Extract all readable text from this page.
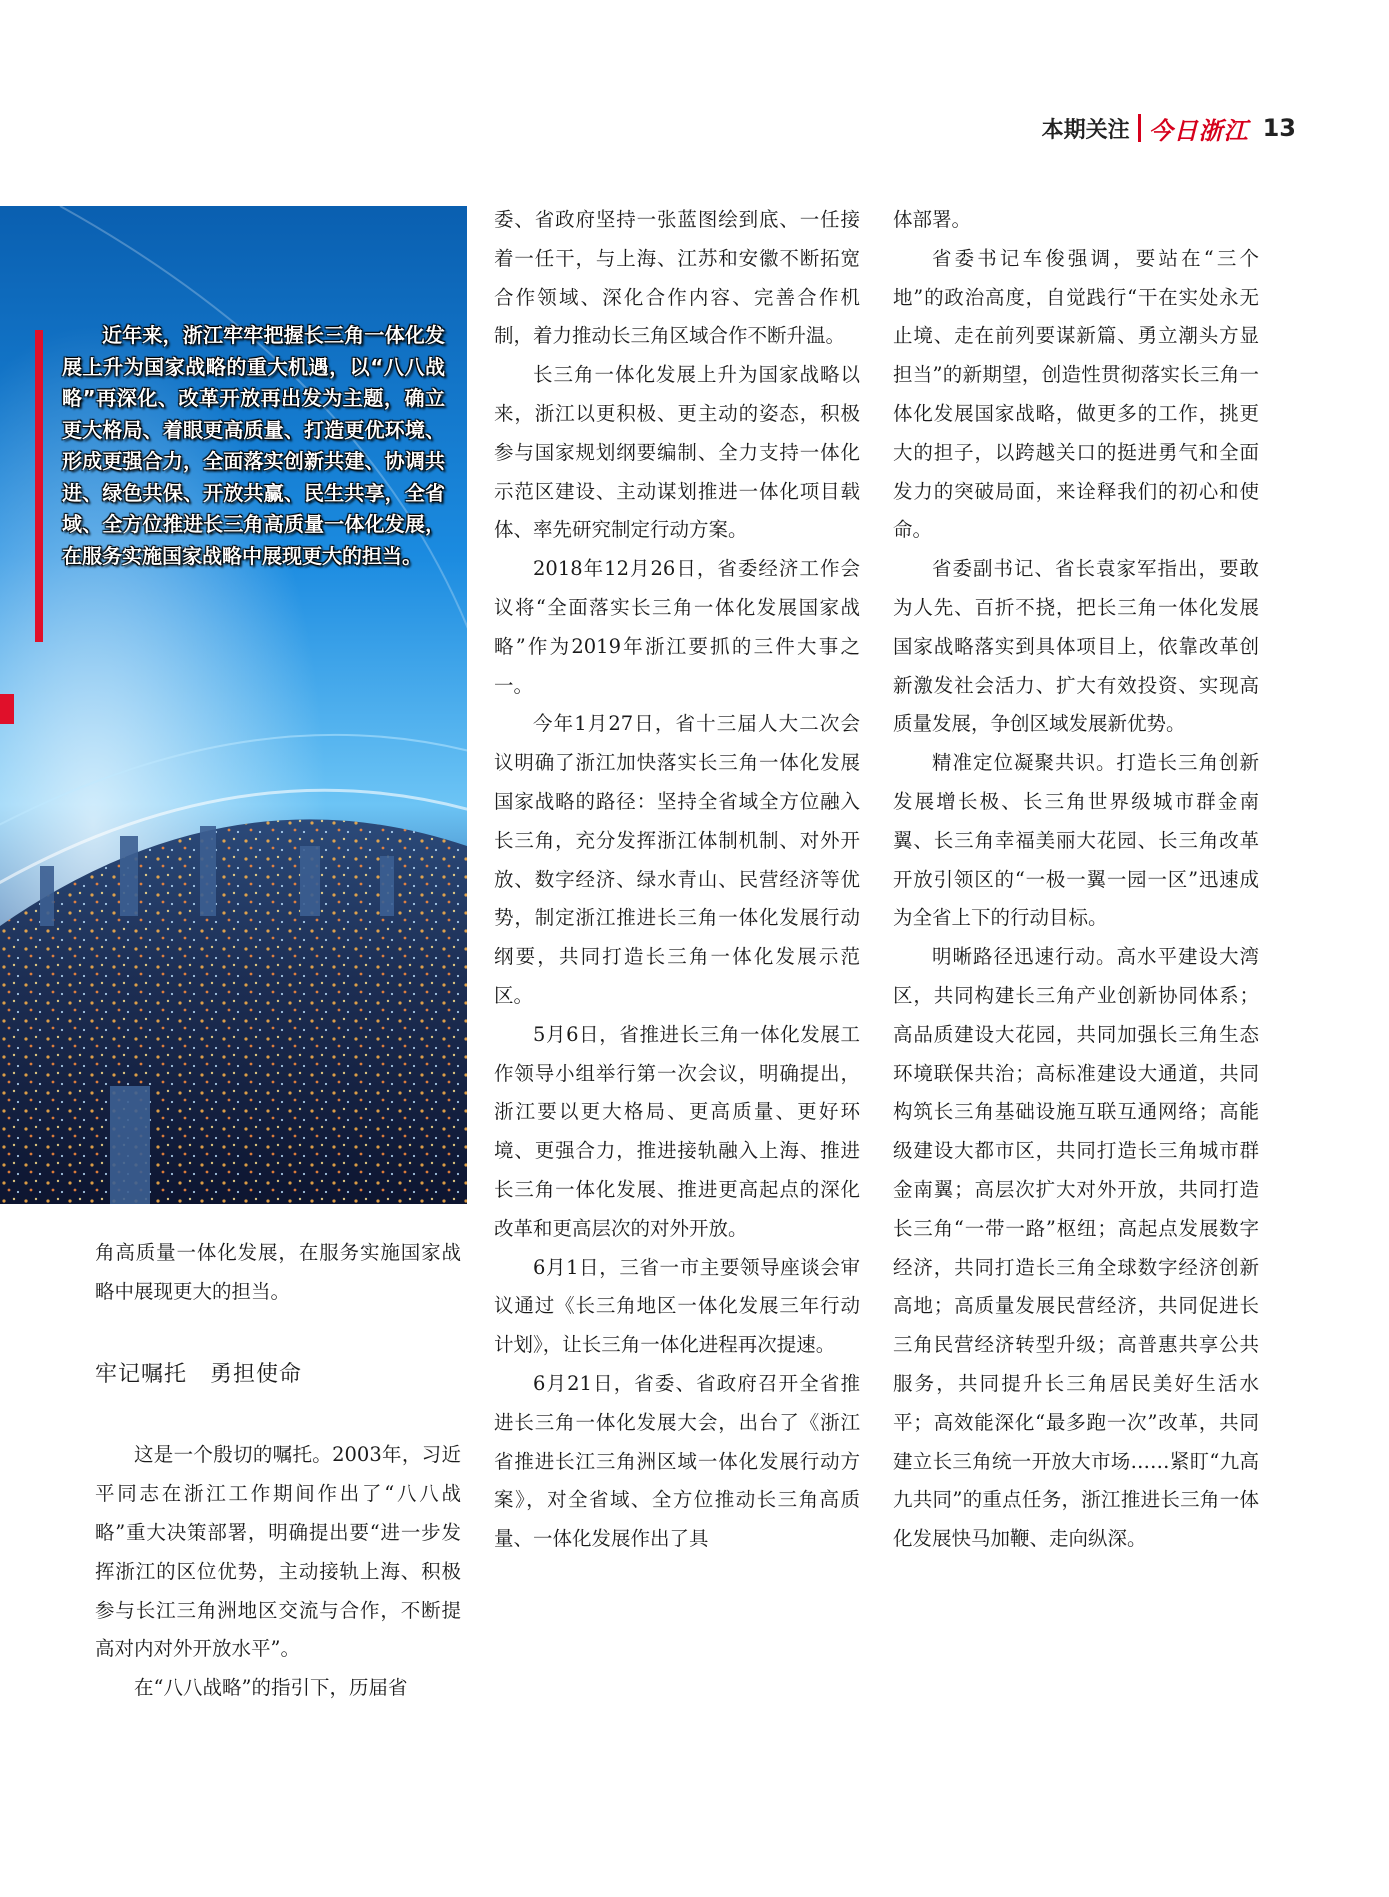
本期关注 今日浙江 13
近年来，浙江牢牢把握长三角一体化发展上升为国家战略的重大机遇，以“八八战略”再深化、改革开放再出发为主题，确立更大格局、着眼更高质量、打造更优环境、形成更强合力，全面落实创新共建、协调共进、绿色共保、开放共赢、民生共享，全省域、全方位推进长三角高质量一体化发展，在服务实施国家战略中展现更大的担当。

角高质量一体化发展，在服务实施国家战略中展现更大的担当。

牢记嘱托　勇担使命

这是一个殷切的嘱托。2003年，习近平同志在浙江工作期间作出了“八八战略”重大决策部署，明确提出要“进一步发挥浙江的区位优势，主动接轨上海、积极参与长江三角洲地区交流与合作，不断提高对内对外开放水平”。

在“八八战略”的指引下，历届省

委、省政府坚持一张蓝图绘到底、一任接着一任干，与上海、江苏和安徽不断拓宽合作领域、深化合作内容、完善合作机制，着力推动长三角区域合作不断升温。

长三角一体化发展上升为国家战略以来，浙江以更积极、更主动的姿态，积极参与国家规划纲要编制、全力支持一体化示范区建设、主动谋划推进一体化项目载体、率先研究制定行动方案。

2018年12月26日，省委经济工作会议将“全面落实长三角一体化发展国家战略”作为2019年浙江要抓的三件大事之一。

今年1月27日，省十三届人大二次会议明确了浙江加快落实长三角一体化发展国家战略的路径：坚持全省域全方位融入长三角，充分发挥浙江体制机制、对外开放、数字经济、绿水青山、民营经济等优势，制定浙江推进长三角一体化发展行动纲要，共同打造长三角一体化发展示范区。

5月6日，省推进长三角一体化发展工作领导小组举行第一次会议，明确提出，浙江要以更大格局、更高质量、更好环境、更强合力，推进接轨融入上海、推进长三角一体化发展、推进更高起点的深化改革和更高层次的对外开放。

6月1日，三省一市主要领导座谈会审议通过《长三角地区一体化发展三年行动计划》，让长三角一体化进程再次提速。

6月21日，省委、省政府召开全省推进长三角一体化发展大会，出台了《浙江省推进长江三角洲区域一体化发展行动方案》，对全省域、全方位推动长三角高质量、一体化发展作出了具

体部署。

省委书记车俊强调，要站在“三个地”的政治高度，自觉践行“干在实处永无止境、走在前列要谋新篇、勇立潮头方显担当”的新期望，创造性贯彻落实长三角一体化发展国家战略，做更多的工作，挑更大的担子，以跨越关口的挺进勇气和全面发力的突破局面，来诠释我们的初心和使命。

省委副书记、省长袁家军指出，要敢为人先、百折不挠，把长三角一体化发展国家战略落实到具体项目上，依靠改革创新激发社会活力、扩大有效投资、实现高质量发展，争创区域发展新优势。

精准定位凝聚共识。打造长三角创新发展增长极、长三角世界级城市群金南翼、长三角幸福美丽大花园、长三角改革开放引领区的“一极一翼一园一区”迅速成为全省上下的行动目标。

明晰路径迅速行动。高水平建设大湾区，共同构建长三角产业创新协同体系；高品质建设大花园，共同加强长三角生态环境联保共治；高标准建设大通道，共同构筑长三角基础设施互联互通网络；高能级建设大都市区，共同打造长三角城市群金南翼；高层次扩大对外开放，共同打造长三角“一带一路”枢纽；高起点发展数字经济，共同打造长三角全球数字经济创新高地；高质量发展民营经济，共同促进长三角民营经济转型升级；高普惠共享公共服务，共同提升长三角居民美好生活水平；高效能深化“最多跑一次”改革，共同建立长三角统一开放大市场……紧盯“九高九共同”的重点任务，浙江推进长三角一体化发展快马加鞭、走向纵深。
